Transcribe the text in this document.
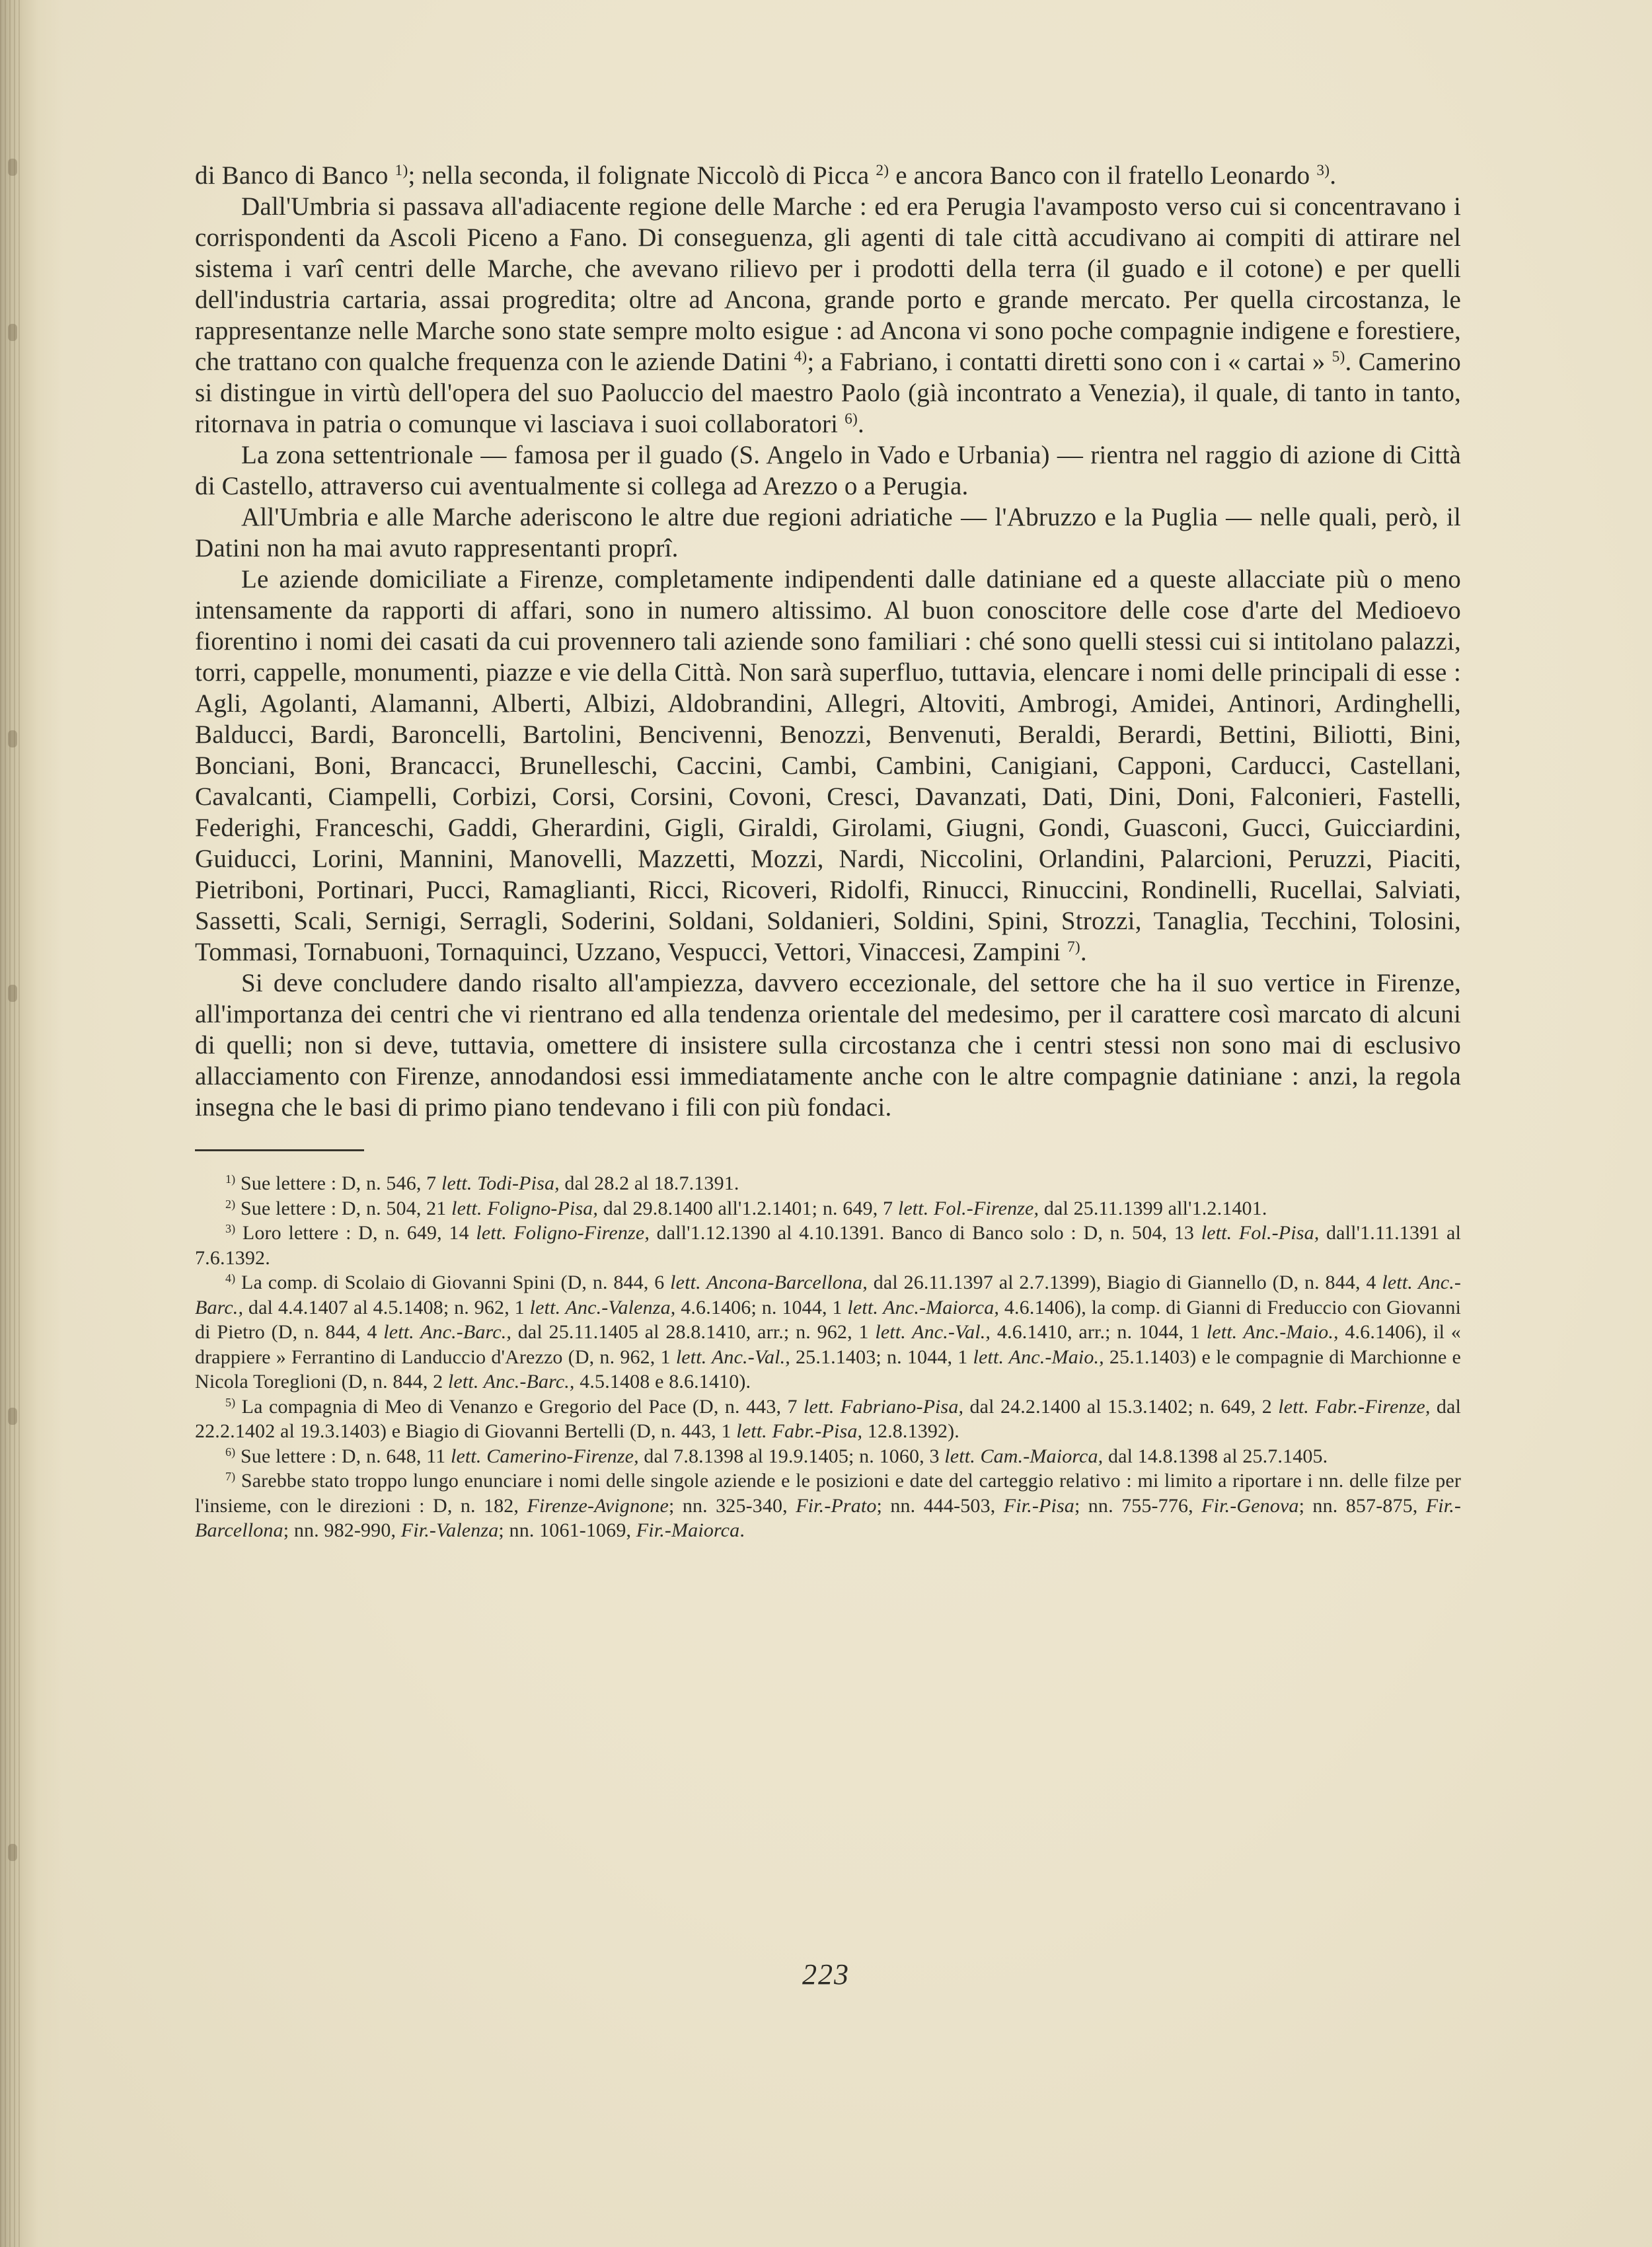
di Banco di Banco $^{1)}$; nella seconda, il folignate Niccolò di Picca $^{2)}$ e ancora Banco con il fratello Leonardo $^{3)}$.

Dall'Umbria si passava all'adiacente regione delle Marche : ed era Perugia l'avamposto verso cui si concentravano i corrispondenti da Ascoli Piceno a Fano. Di conseguenza, gli agenti di tale città accudivano ai compiti di attirare nel sistema i varî centri delle Marche, che avevano rilievo per i prodotti della terra (il guado e il cotone) e per quelli dell'industria cartaria, assai progredita; oltre ad Ancona, grande porto e grande mercato. Per quella circostanza, le rappresentanze nelle Marche sono state sempre molto esigue : ad Ancona vi sono poche compagnie indigene e forestiere, che trattano con qualche frequenza con le aziende Datini $^{4)}$; a Fabriano, i contatti diretti sono con i « cartai » $^{5)}$. Camerino si distingue in virtù dell'opera del suo Paoluccio del maestro Paolo (già incontrato a Venezia), il quale, di tanto in tanto, ritornava in patria o comunque vi lasciava i suoi collaboratori $^{6)}$.

La zona settentrionale — famosa per il guado (S. Angelo in Vado e Urbania) — rientra nel raggio di azione di Città di Castello, attraverso cui aventualmente si collega ad Arezzo o a Perugia.

All'Umbria e alle Marche aderiscono le altre due regioni adriatiche — l'Abruzzo e la Puglia — nelle quali, però, il Datini non ha mai avuto rappresentanti proprî.

Le aziende domiciliate a Firenze, completamente indipendenti dalle datiniane ed a queste allacciate più o meno intensamente da rapporti di affari, sono in numero altissimo. Al buon conoscitore delle cose d'arte del Medioevo fiorentino i nomi dei casati da cui provennero tali aziende sono familiari : ché sono quelli stessi cui si intitolano palazzi, torri, cappelle, monumenti, piazze e vie della Città. Non sarà superfluo, tuttavia, elencare i nomi delle principali di esse : Agli, Agolanti, Alamanni, Alberti, Albizi, Aldobrandini, Allegri, Altoviti, Ambrogi, Amidei, Antinori, Ardinghelli, Balducci, Bardi, Baroncelli, Bartolini, Bencivenni, Benozzi, Benvenuti, Beraldi, Berardi, Bettini, Biliotti, Bini, Bonciani, Boni, Brancacci, Brunelleschi, Caccini, Cambi, Cambini, Canigiani, Capponi, Carducci, Castellani, Cavalcanti, Ciampelli, Corbizi, Corsi, Corsini, Covoni, Cresci, Davanzati, Dati, Dini, Doni, Falconieri, Fastelli, Federighi, Franceschi, Gaddi, Gherardini, Gigli, Giraldi, Girolami, Giugni, Gondi, Guasconi, Gucci, Guicciardini, Guiducci, Lorini, Mannini, Manovelli, Mazzetti, Mozzi, Nardi, Niccolini, Orlandini, Palarcioni, Peruzzi, Piaciti, Pietriboni, Portinari, Pucci, Ramaglianti, Ricci, Ricoveri, Ridolfi, Rinucci, Rinuccini, Rondinelli, Rucellai, Salviati, Sassetti, Scali, Sernigi, Serragli, Soderini, Soldani, Soldanieri, Soldini, Spini, Strozzi, Tanaglia, Tecchini, Tolosini, Tommasi, Tornabuoni, Tornaquinci, Uzzano, Vespucci, Vettori, Vinaccesi, Zampini $^{7)}$.

Si deve concludere dando risalto all'ampiezza, davvero eccezionale, del settore che ha il suo vertice in Firenze, all'importanza dei centri che vi rientrano ed alla tendenza orientale del medesimo, per il carattere così marcato di alcuni di quelli; non si deve, tuttavia, omettere di insistere sulla circostanza che i centri stessi non sono mai di esclusivo allacciamento con Firenze, annodandosi essi immediatamente anche con le altre compagnie datiniane : anzi, la regola insegna che le basi di primo piano tendevano i fili con più fondaci.

$^{1)}$ Sue lettere : D, n. 546, 7 lett. Todi-Pisa, dal 28.2 al 18.7.1391.

$^{2)}$ Sue lettere : D, n. 504, 21 lett. Foligno-Pisa, dal 29.8.1400 all'1.2.1401; n. 649, 7 lett. Fol.-Firenze, dal 25.11.1399 all'1.2.1401.

$^{3)}$ Loro lettere : D, n. 649, 14 lett. Foligno-Firenze, dall'1.12.1390 al 4.10.1391. Banco di Banco solo : D, n. 504, 13 lett. Fol.-Pisa, dall'1.11.1391 al 7.6.1392.

$^{4)}$ La comp. di Scolaio di Giovanni Spini (D, n. 844, 6 lett. Ancona-Barcellona, dal 26.11.1397 al 2.7.1399), Biagio di Giannello (D, n. 844, 4 lett. Anc.-Barc., dal 4.4.1407 al 4.5.1408; n. 962, 1 lett. Anc.-Valenza, 4.6.1406; n. 1044, 1 lett. Anc.-Maiorca, 4.6.1406), la comp. di Gianni di Freduccio con Giovanni di Pietro (D, n. 844, 4 lett. Anc.-Barc., dal 25.11.1405 al 28.8.1410, arr.; n. 962, 1 lett. Anc.-Val., 4.6.1410, arr.; n. 1044, 1 lett. Anc.-Maio., 4.6.1406), il « drappiere » Ferrantino di Landuccio d'Arezzo (D, n. 962, 1 lett. Anc.-Val., 25.1.1403; n. 1044, 1 lett. Anc.-Maio., 25.1.1403) e le compagnie di Marchionne e Nicola Toreglioni (D, n. 844, 2 lett. Anc.-Barc., 4.5.1408 e 8.6.1410).

$^{5)}$ La compagnia di Meo di Venanzo e Gregorio del Pace (D, n. 443, 7 lett. Fabriano-Pisa, dal 24.2.1400 al 15.3.1402; n. 649, 2 lett. Fabr.-Firenze, dal 22.2.1402 al 19.3.1403) e Biagio di Giovanni Bertelli (D, n. 443, 1 lett. Fabr.-Pisa, 12.8.1392).

$^{6)}$ Sue lettere : D, n. 648, 11 lett. Camerino-Firenze, dal 7.8.1398 al 19.9.1405; n. 1060, 3 lett. Cam.-Maiorca, dal 14.8.1398 al 25.7.1405.

$^{7)}$ Sarebbe stato troppo lungo enunciare i nomi delle singole aziende e le posizioni e date del carteggio relativo : mi limito a riportare i nn. delle filze per l'insieme, con le direzioni : D, n. 182, Firenze-Avignone; nn. 325-340, Fir.-Prato; nn. 444-503, Fir.-Pisa; nn. 755-776, Fir.-Genova; nn. 857-875, Fir.-Barcellona; nn. 982-990, Fir.-Valenza; nn. 1061-1069, Fir.-Maiorca.

223
